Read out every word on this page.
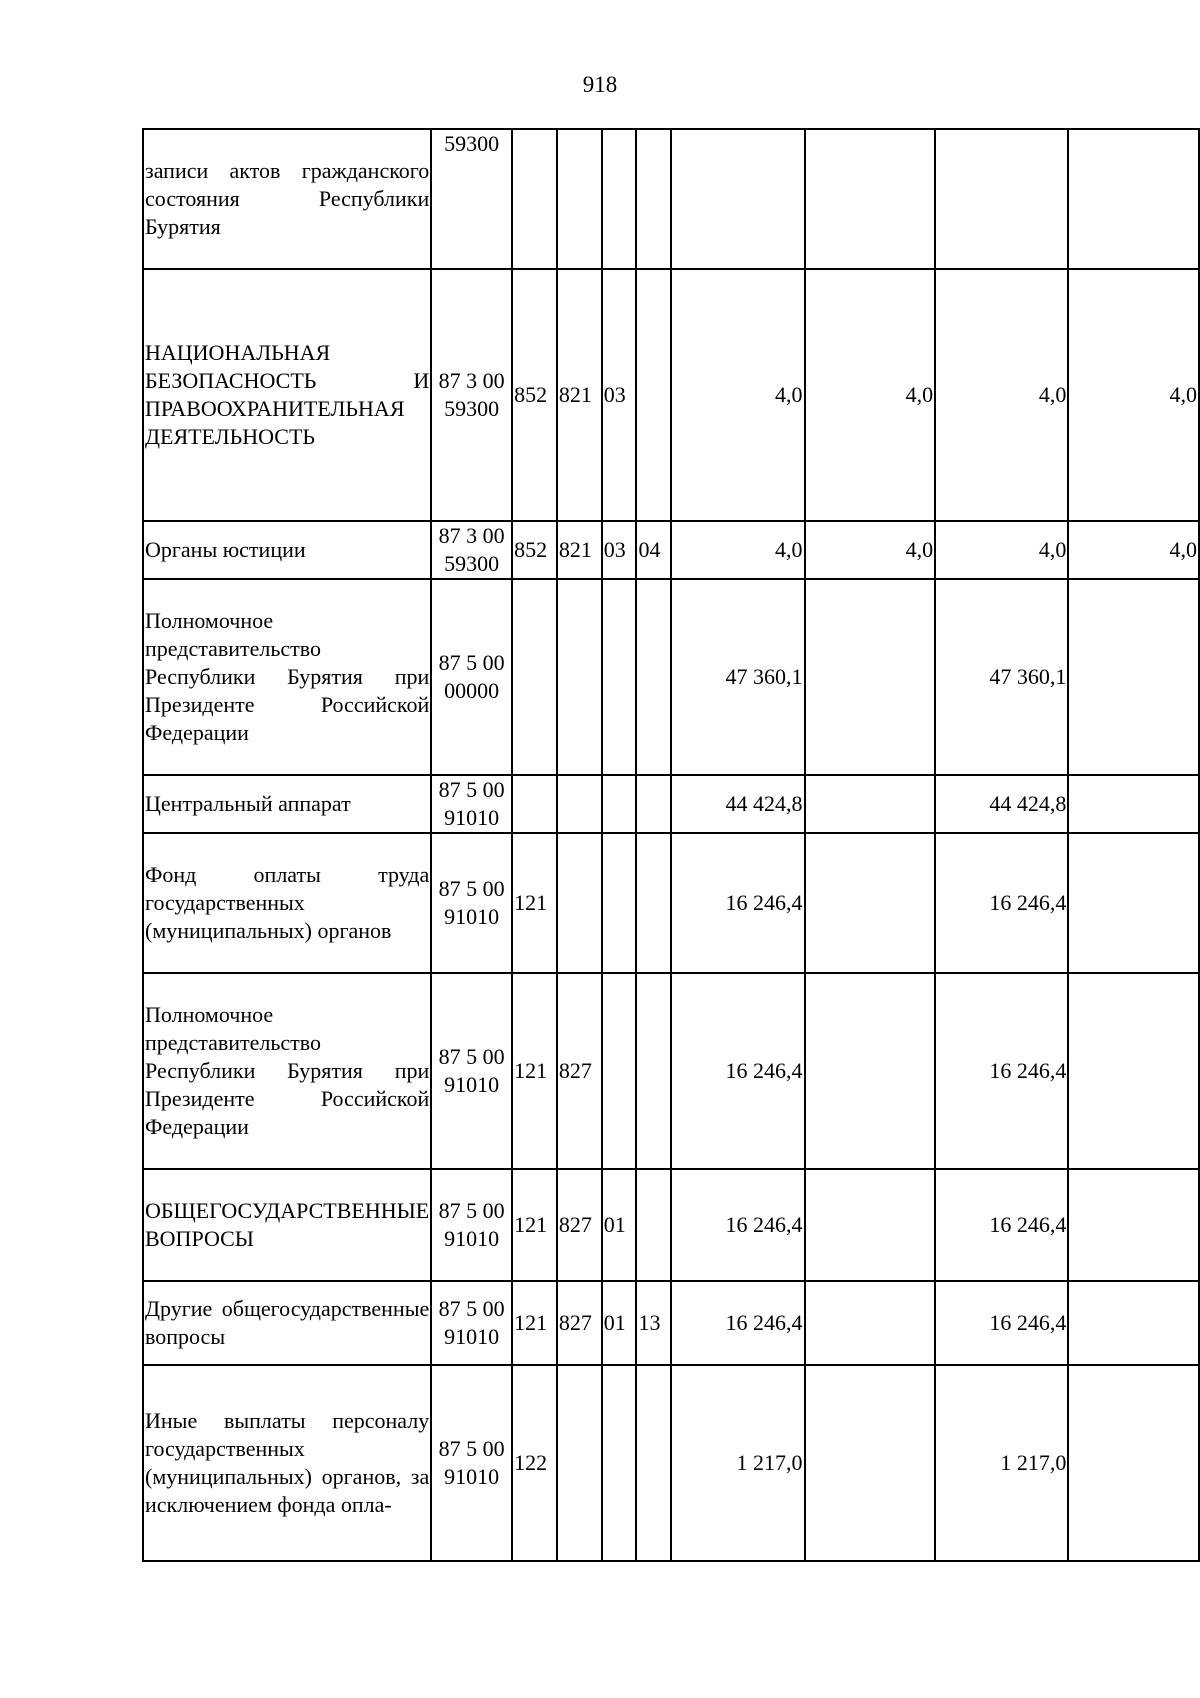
918
записи актов гражданского состояния Республики Бурятия	59300								
НАЦИОНАЛЬНАЯ БЕЗОПАСНОСТЬ И ПРАВООХРАНИТЕЛЬНАЯ ДЕЯТЕЛЬНОСТЬ	87 3 00 59300	852	821	03		4,0	4,0	4,0	4,0
Органы юстиции	87 3 00 59300	852	821	03	04	4,0	4,0	4,0	4,0
Полномочное представительство Республики Бурятия при Президенте Российской Федерации	87 5 00 00000					47 360,1		47 360,1	
Центральный аппарат	87 5 00 91010					44 424,8		44 424,8	
Фонд оплаты труда государственных (муниципальных) органов	87 5 00 91010	121				16 246,4		16 246,4	
Полномочное представительство Республики Бурятия при Президенте Российской Федерации	87 5 00 91010	121	827			16 246,4		16 246,4	
ОБЩЕГОСУДАРСТВЕННЫЕ ВОПРОСЫ	87 5 00 91010	121	827	01		16 246,4		16 246,4	
Другие общегосударственные вопросы	87 5 00 91010	121	827	01	13	16 246,4		16 246,4	
Иные выплаты персоналу государственных (муниципальных) органов, за исключением фонда опла-	87 5 00 91010	122				1 217,0		1 217,0	
